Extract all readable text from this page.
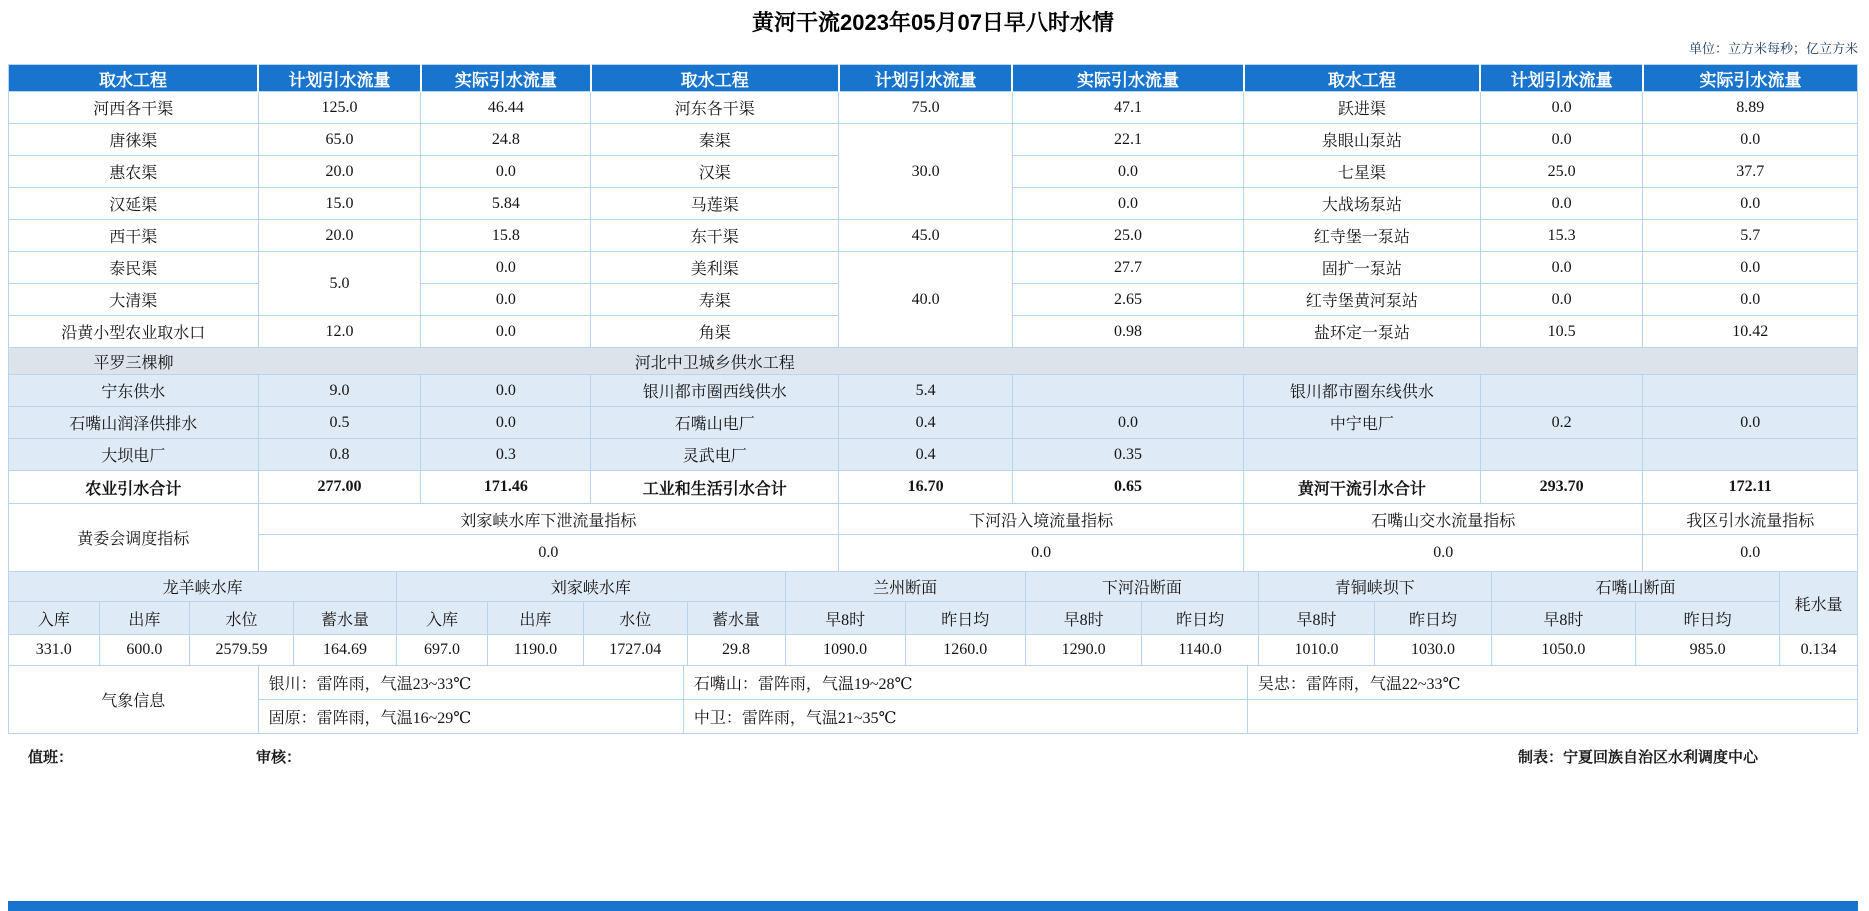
黄河干流2023年05月07日早八时水情
单位：立方米每秒；亿立方米
取水工程	计划引水流量	实际引水流量	取水工程	计划引水流量	实际引水流量	取水工程	计划引水流量	实际引水流量
河西各干渠	125.0	46.44	河东各干渠	75.0	47.1	跃进渠	0.0	8.89
唐徕渠	65.0	24.8	秦渠	30.0	22.1	泉眼山泵站	0.0	0.0
惠农渠	20.0	0.0	汉渠		0.0	七星渠	25.0	37.7
汉延渠	15.0	5.84	马莲渠		0.0	大战场泵站	0.0	0.0
西干渠	20.0	15.8	东干渠	45.0	25.0	红寺堡一泵站	15.3	5.7
泰民渠	5.0	0.0	美利渠	40.0	27.7	固扩一泵站	0.0	0.0
大清渠		0.0	寿渠		2.65	红寺堡黄河泵站	0.0	0.0
沿黄小型农业取水口	12.0	0.0	角渠		0.98	盐环定一泵站	10.5	10.42
平罗三棵柳			河北中卫城乡供水工程					
宁东供水	9.0	0.0	银川都市圈西线供水	5.4		银川都市圈东线供水		
石嘴山润泽供排水	0.5	0.0	石嘴山电厂	0.4	0.0	中宁电厂	0.2	0.0
大坝电厂	0.8	0.3	灵武电厂	0.4	0.35			
农业引水合计	277.00	171.46	工业和生活引水合计	16.70	0.65	黄河干流引水合计	293.70	172.11
黄委会调度指标	刘家峡水库下泄流量指标			下河沿入境流量指标		石嘴山交水流量指标		我区引水流量指标
	0.0			0.0		0.0		0.0
龙羊峡水库				刘家峡水库				兰州断面		下河沿断面		青铜峡坝下		石嘴山断面		耗水量
入库	出库	水位	蓄水量	入库	出库	水位	蓄水量	早8时	昨日均	早8时	昨日均	早8时	昨日均	早8时	昨日均	
331.0	600.0	2579.59	164.69	697.0	1190.0	1727.04	29.8	1090.0	1260.0	1290.0	1140.0	1010.0	1030.0	1050.0	985.0	0.134
气象信息	银川：雷阵雨，气温23~33℃	石嘴山：雷阵雨，气温19~28℃	吴忠：雷阵雨，气温22~33℃
	固原：雷阵雨，气温16~29℃	中卫：雷阵雨，气温21~35℃	
值班：	审核：	制表：宁夏回族自治区水利调度中心
